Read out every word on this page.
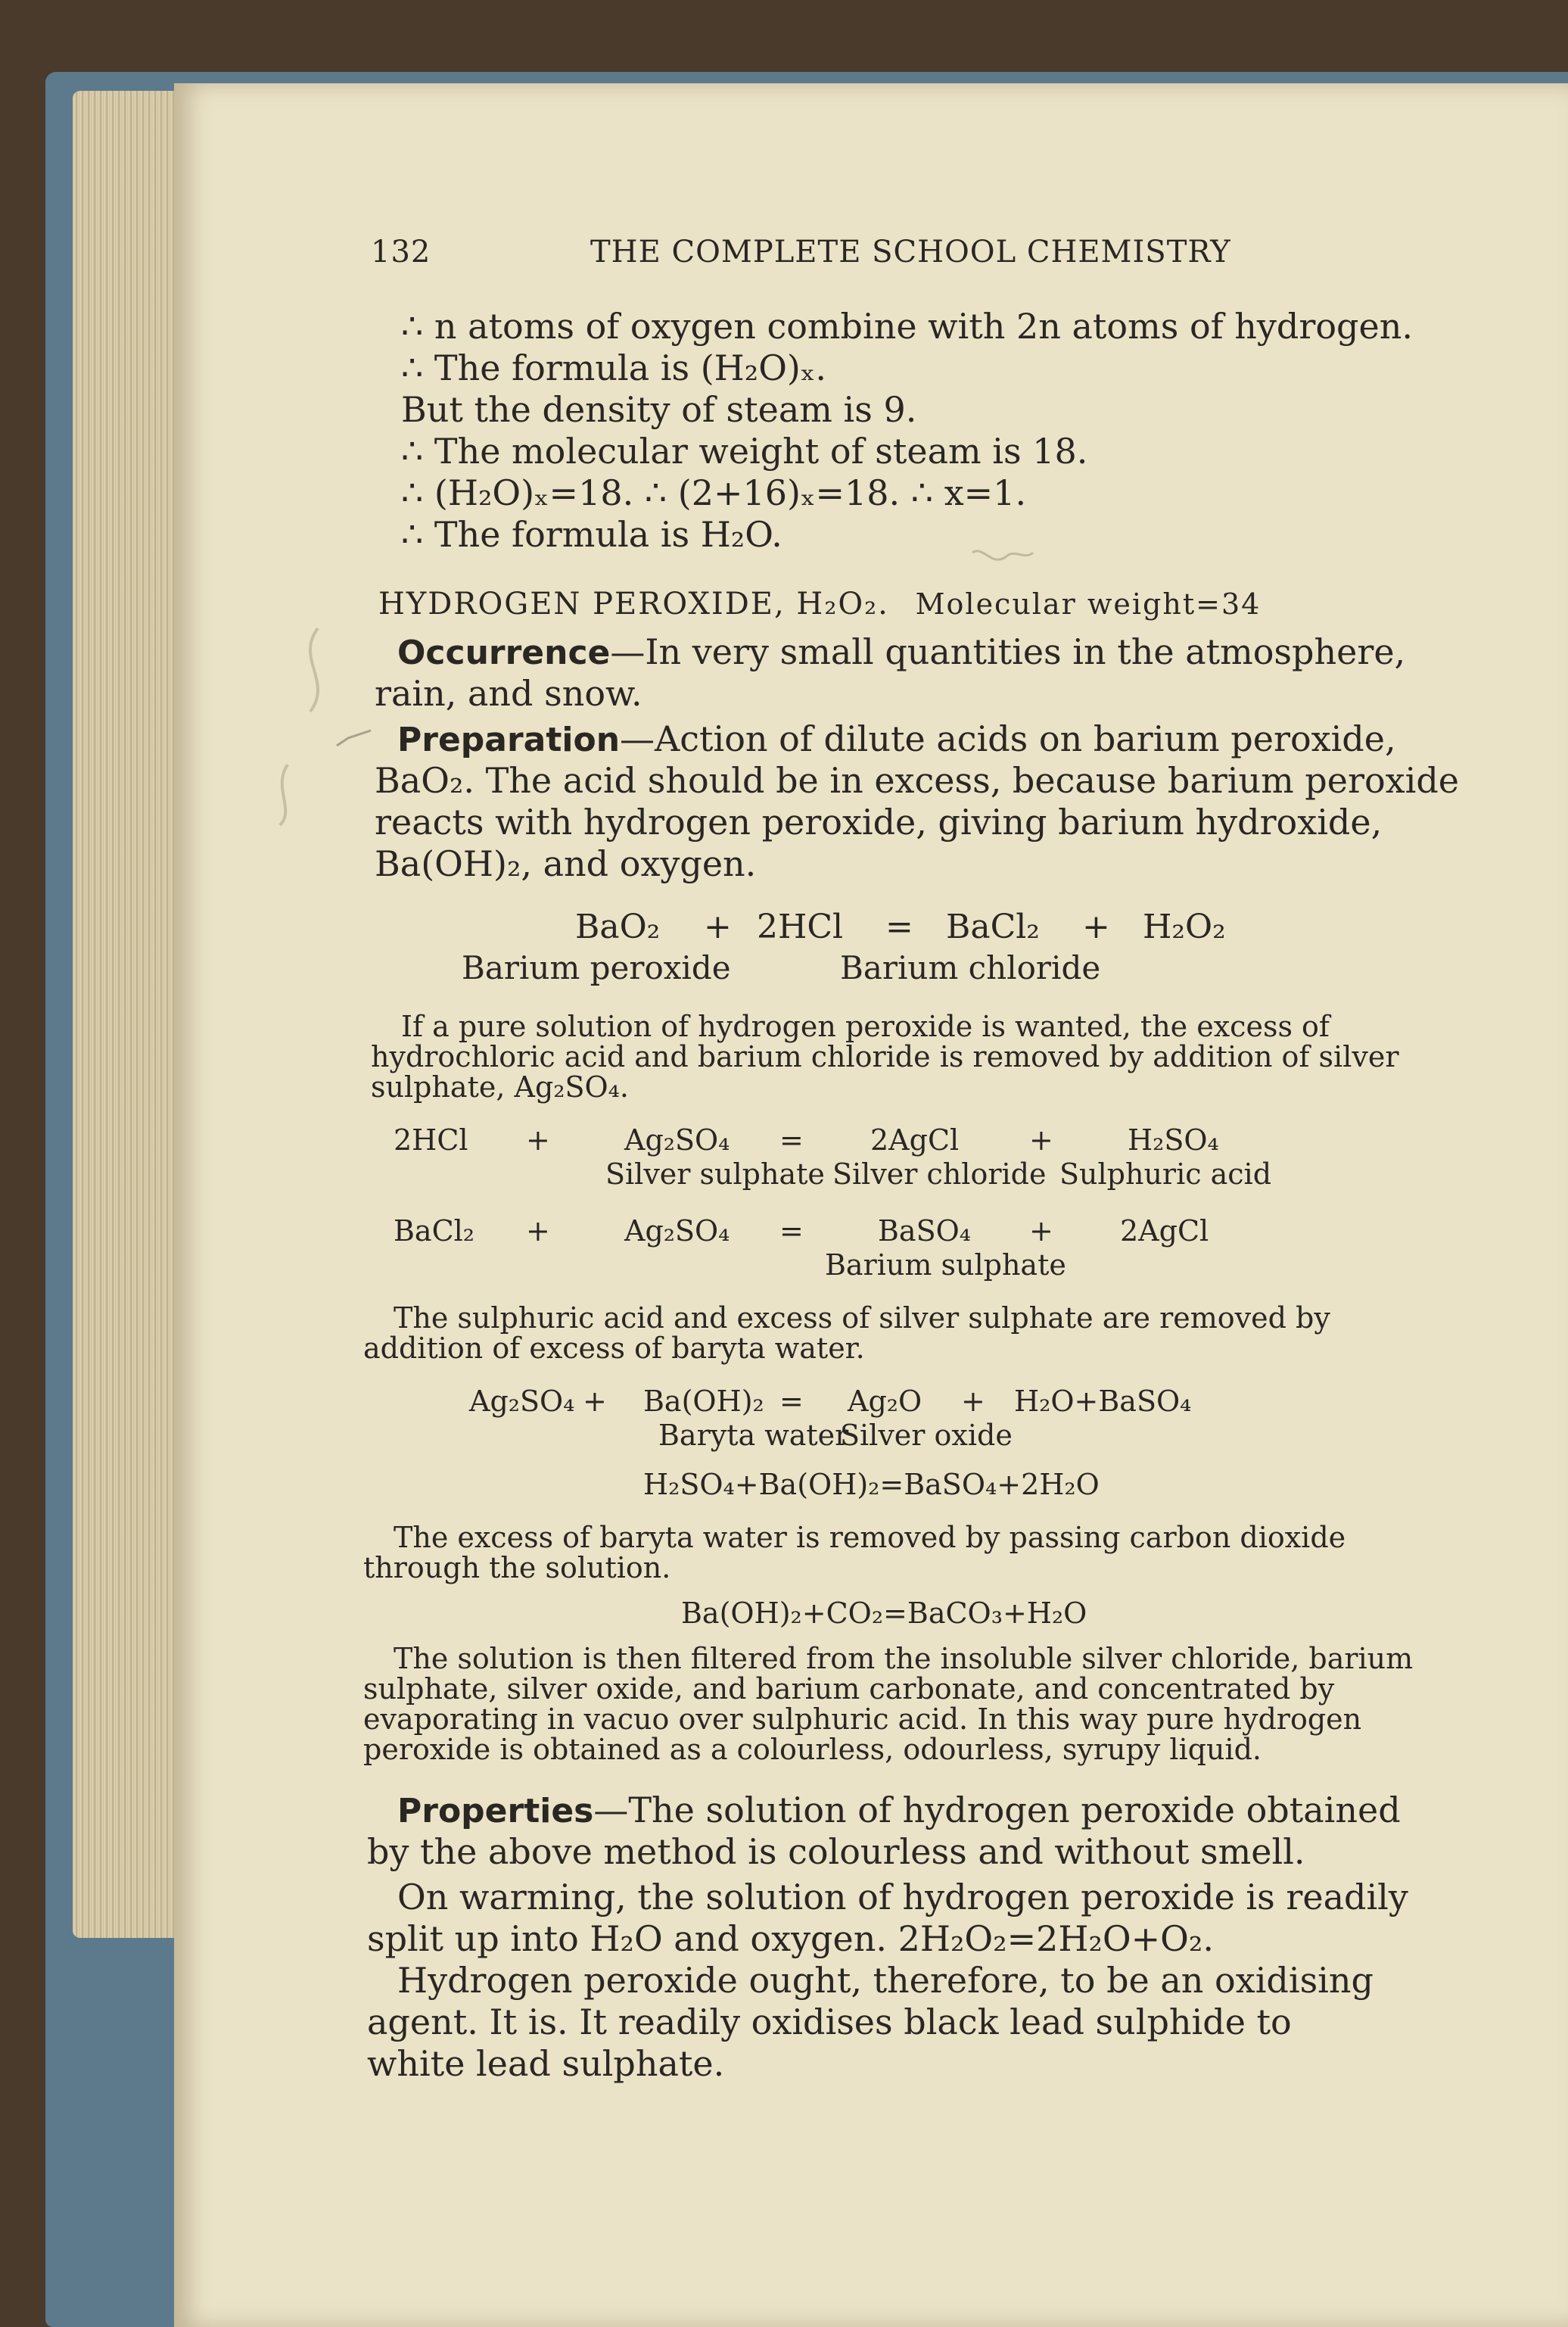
132	THE COMPLETE SCHOOL CHEMISTRY
∴ n atoms of oxygen combine with 2n atoms of hydrogen.
∴ The formula is (H₂O)ₓ.
But the density of steam is 9.
∴ The molecular weight of steam is 18.
∴ (H₂O)ₓ=18. ∴ (2+16)ₓ=18. ∴ x=1.
∴ The formula is H₂O.
HYDROGEN PEROXIDE, H₂O₂. Molecular weight=34
Occurrence—In very small quantities in the atmosphere,
rain, and snow.
Preparation—Action of dilute acids on barium peroxide,
BaO₂. The acid should be in excess, because barium peroxide
reacts with hydrogen peroxide, giving barium hydroxide,
Ba(OH)₂, and oxygen.
BaO₂ + 2HCl = BaCl₂ + H₂O₂
Barium peroxide	Barium chloride
If a pure solution of hydrogen peroxide is wanted, the excess of
hydrochloric acid and barium chloride is removed by addition of silver
sulphate, Ag₂SO₄.
2HCl +	Ag₂SO₄ = 2AgCl +	H₂SO₄
Silver sulphate Silver chloride Sulphuric acid
BaCl₂ +	Ag₂SO₄ =	BaSO₄ + 2AgCl
Barium sulphate
The sulphuric acid and excess of silver sulphate are removed by
addition of excess of baryta water.
Ag₂SO₄ + Ba(OH)₂ = Ag₂O + H₂O+BaSO₄
Baryta water
Silver oxide
H₂SO₄+Ba(OH)₂=BaSO₄+2H₂O
The excess of baryta water is removed by passing carbon dioxide
through the solution.
Ba(OH)₂+CO₂=BaCO₃+H₂O
The solution is then filtered from the insoluble silver chloride, barium
sulphate, silver oxide, and barium carbonate, and concentrated by
evaporating in vacuo over sulphuric acid. In this way pure hydrogen
peroxide is obtained as a colourless, odourless, syrupy liquid.
Properties—The solution of hydrogen peroxide obtained
by the above method is colourless and without smell.
On warming, the solution of hydrogen peroxide is readily
split up into H₂O and oxygen. 2H₂O₂=2H₂O+O₂.
Hydrogen peroxide ought, therefore, to be an oxidising
agent. It is. It readily oxidises black lead sulphide to
white lead sulphate.
